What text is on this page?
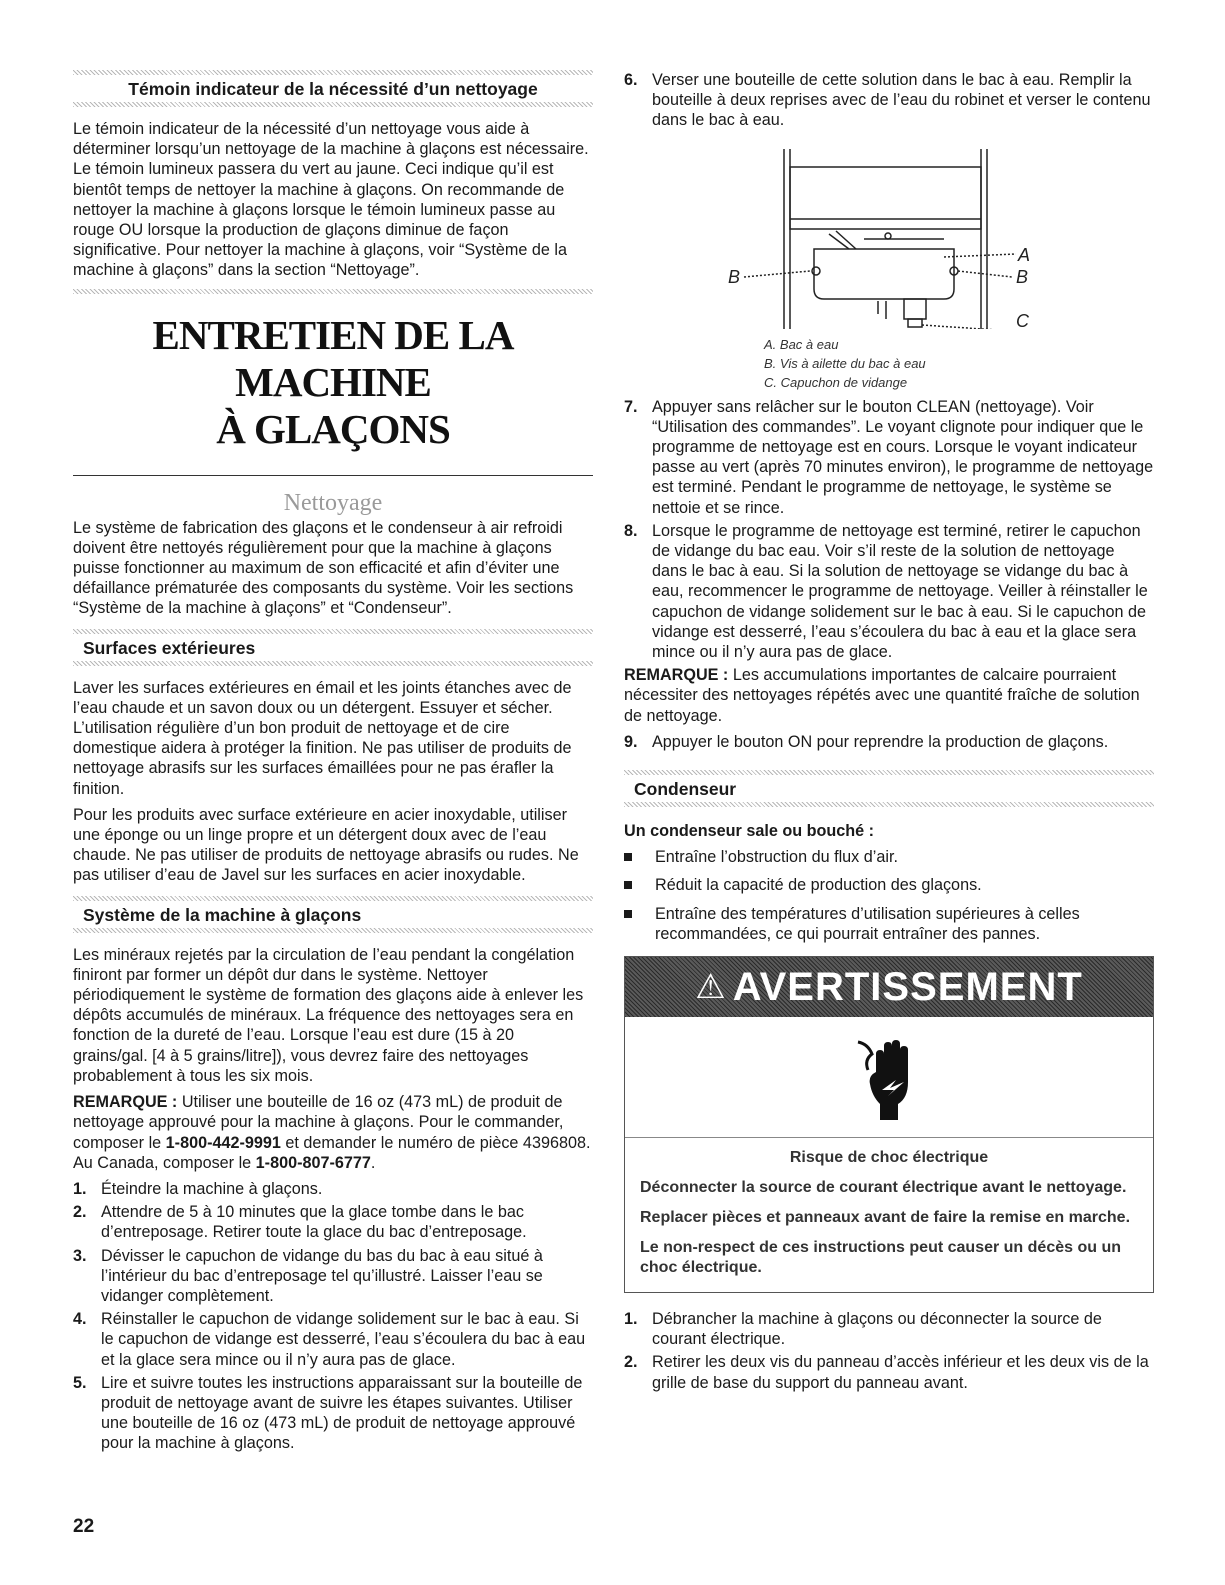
Témoin indicateur de la nécessité d’un nettoyage

Le témoin indicateur de la nécessité d’un nettoyage vous aide à déterminer lorsqu’un nettoyage de la machine à glaçons est nécessaire. Le témoin lumineux passera du vert au jaune. Ceci indique qu’il est bientôt temps de nettoyer la machine à glaçons. On recommande de nettoyer la machine à glaçons lorsque le témoin lumineux passe au rouge OU lorsque la production de glaçons diminue de façon significative. Pour nettoyer la machine à glaçons, voir “Système de la machine à glaçons” dans la section “Nettoyage”.

ENTRETIEN DE LA MACHINE
À GLAÇONS
Nettoyage

Le système de fabrication des glaçons et le condenseur à air refroidi doivent être nettoyés régulièrement pour que la machine à glaçons puisse fonctionner au maximum de son efficacité et afin d’éviter une défaillance prématurée des composants du système. Voir les sections “Système de la machine à glaçons” et “Condenseur”.

Surfaces extérieures

Laver les surfaces extérieures en émail et les joints étanches avec de l’eau chaude et un savon doux ou un détergent. Essuyer et sécher. L’utilisation régulière d’un bon produit de nettoyage et de cire domestique aidera à protéger la finition. Ne pas utiliser de produits de nettoyage abrasifs sur les surfaces émaillées pour ne pas érafler la finition.

Pour les produits avec surface extérieure en acier inoxydable, utiliser une éponge ou un linge propre et un détergent doux avec de l’eau chaude. Ne pas utiliser de produits de nettoyage abrasifs ou rudes. Ne pas utiliser d’eau de Javel sur les surfaces en acier inoxydable.

Système de la machine à glaçons

Les minéraux rejetés par la circulation de l’eau pendant la congélation finiront par former un dépôt dur dans le système. Nettoyer périodiquement le système de formation des glaçons aide à enlever les dépôts accumulés de minéraux. La fréquence des nettoyages sera en fonction de la dureté de l’eau. Lorsque l’eau est dure (15 à 20 grains/gal. [4 à 5 grains/litre]), vous devrez faire des nettoyages probablement à tous les six mois.

REMARQUE : Utiliser une bouteille de 16 oz (473 mL) de produit de nettoyage approuvé pour la machine à glaçons. Pour le commander, composer le 1-800-442-9991 et demander le numéro de pièce 4396808. Au Canada, composer le 1-800-807-6777.

1. Éteindre la machine à glaçons.
2. Attendre de 5 à 10 minutes que la glace tombe dans le bac d’entreposage. Retirer toute la glace du bac d’entreposage.
3. Dévisser le capuchon de vidange du bas du bac à eau situé à l’intérieur du bac d’entreposage tel qu’illustré. Laisser l’eau se vidanger complètement.
4. Réinstaller le capuchon de vidange solidement sur le bac à eau. Si le capuchon de vidange est desserré, l’eau s’écoulera du bac à eau et la glace sera mince ou il n’y aura pas de glace.
5. Lire et suivre toutes les instructions apparaissant sur la bouteille de produit de nettoyage avant de suivre les étapes suivantes. Utiliser une bouteille de 16 oz (473 mL) de produit de nettoyage approuvé pour la machine à glaçons.
22
6. Verser une bouteille de cette solution dans le bac à eau. Remplir la bouteille à deux reprises avec de l’eau du robinet et verser le contenu dans le bac à eau.
B	B
A
C
A. Bac à eau
B. Vis à ailette du bac à eau
C. Capuchon de vidange
7. Appuyer sans relâcher sur le bouton CLEAN (nettoyage). Voir “Utilisation des commandes”. Le voyant clignote pour indiquer que le programme de nettoyage est en cours. Lorsque le voyant indicateur passe au vert (après 70 minutes environ), le programme de nettoyage est terminé. Pendant le programme de nettoyage, le système se nettoie et se rince.
8. Lorsque le programme de nettoyage est terminé, retirer le capuchon de vidange du bac eau. Voir s’il reste de la solution de nettoyage dans le bac à eau. Si la solution de nettoyage se vidange du bac à eau, recommencer le programme de nettoyage. Veiller à réinstaller le capuchon de vidange solidement sur le bac à eau. Si le capuchon de vidange est desserré, l’eau s’écoulera du bac à eau et la glace sera mince ou il n’y aura pas de glace.

REMARQUE : Les accumulations importantes de calcaire pourraient nécessiter des nettoyages répétés avec une quantité fraîche de solution de nettoyage.

9. Appuyer le bouton ON pour reprendre la production de glaçons.
Condenseur

Un condenseur sale ou bouché :

Entraîne l’obstruction du flux d’air.
Réduit la capacité de production des glaçons.
Entraîne des températures d’utilisation supérieures à celles recommandées, ce qui pourrait entraîner des pannes.
⚠ AVERTISSEMENT
Risque de choc électrique

Déconnecter la source de courant électrique avant le nettoyage.

Replacer pièces et panneaux avant de faire la remise en marche.

Le non-respect de ces instructions peut causer un décès ou un choc électrique.

1. Débrancher la machine à glaçons ou déconnecter la source de courant électrique.
2. Retirer les deux vis du panneau d’accès inférieur et les deux vis de la grille de base du support du panneau avant.
